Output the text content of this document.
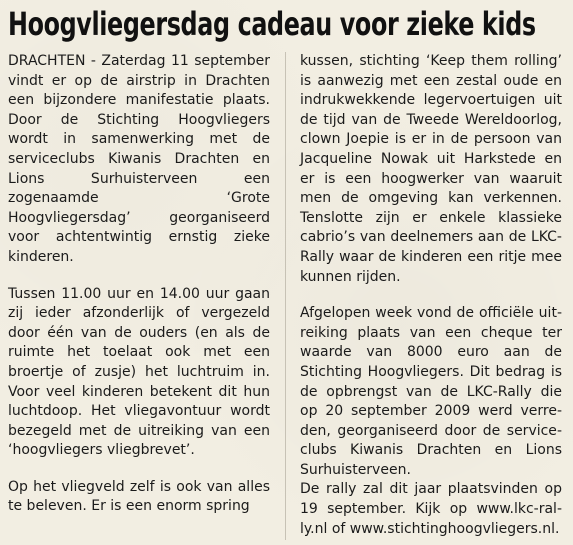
Hoogvliegersdag cadeau voor zieke kids

DRACHTEN - Zaterdag 11 september vindt er op de airstrip in Drachten een bijzondere manifestatie plaats. Door de Stichting Hoogvliegers wordt in samenwerking met de serviceclubs Kiwanis Drachten en Lions Surhuisterveen een zogenaamde ‘Grote Hoogvliegersdag’ georganiseerd voor achtentwintig ernstig zieke kinderen.

Tussen 11.00 uur en 14.00 uur gaan zij ieder afzonderlijk of vergezeld door één van de ouders (en als de ruimte het toelaat ook met een broertje of zusje) het luchtruim in. Voor veel kinderen betekent dit hun luchtdoop. Het vliegavontuur wordt bezegeld met de uitreiking van een ‘hoogvliegers vliegbrevet’.

Op het vliegveld zelf is ook van alles te beleven. Er is een enorm spring

kussen, stichting ‘Keep them rolling’ is aanwezig met een zestal oude en indrukwekkende legervoertuigen uit de tijd van de Tweede Wereldoorlog, clown Joepie is er in de persoon van Jacqueline Nowak uit Harkstede en er is een hoogwerker van waaruit men de omgeving kan verkennen. Tenslotte zijn er enkele klassieke cabrio’s van deelnemers aan de LKC-Rally waar de kinderen een ritje mee kunnen rijden.

Afgelopen week vond de officiële uitreiking plaats van een cheque ter waarde van 8000 euro aan de Stichting Hoogvliegers. Dit bedrag is de opbrengst van de LKC-Rally die op 20 september 2009 werd verreden, georganiseerd door de serviceclubs Kiwanis Drachten en Lions Surhuisterveen.

De rally zal dit jaar plaatsvinden op 19 september. Kijk op www.lkc-rally.nl of www.stichtinghoogvliegers.nl.
